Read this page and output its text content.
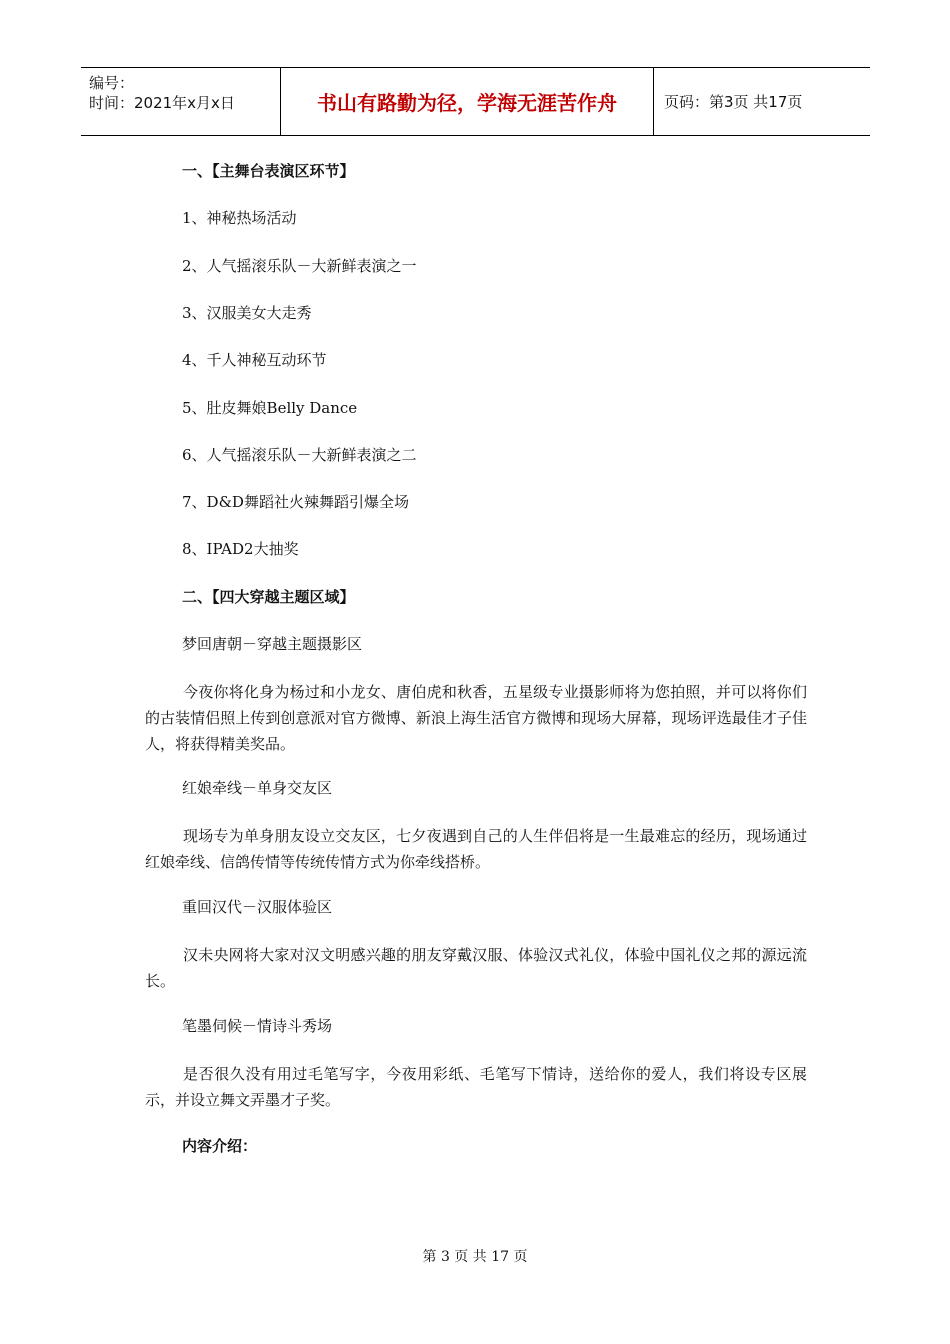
编号：
时间：2021年x月x日	书山有路勤为径，学海无涯苦作舟	页码：第3页 共17页
一、【主舞台表演区环节】
1、神秘热场活动
2、人气摇滚乐队－大新鲜表演之一
3、汉服美女大走秀
4、千人神秘互动环节
5、肚皮舞娘Belly Dance
6、人气摇滚乐队－大新鲜表演之二
7、D&D舞蹈社火辣舞蹈引爆全场
8、IPAD2大抽奖
二、【四大穿越主题区域】
梦回唐朝－穿越主题摄影区
今夜你将化身为杨过和小龙女、唐伯虎和秋香，五星级专业摄影师将为您拍照，并可以将你们的古装情侣照上传到创意派对官方微博、新浪上海生活官方微博和现场大屏幕，现场评选最佳才子佳人，将获得精美奖品。
红娘牵线－单身交友区
现场专为单身朋友设立交友区，七夕夜遇到自己的人生伴侣将是一生最难忘的经历，现场通过红娘牵线、信鸽传情等传统传情方式为你牵线搭桥。
重回汉代－汉服体验区
汉未央网将大家对汉文明感兴趣的朋友穿戴汉服、体验汉式礼仪，体验中国礼仪之邦的源远流长。
笔墨伺候－情诗斗秀场
是否很久没有用过毛笔写字，今夜用彩纸、毛笔写下情诗，送给你的爱人，我们将设专区展示，并设立舞文弄墨才子奖。
内容介绍：
第 3 页 共 17 页
